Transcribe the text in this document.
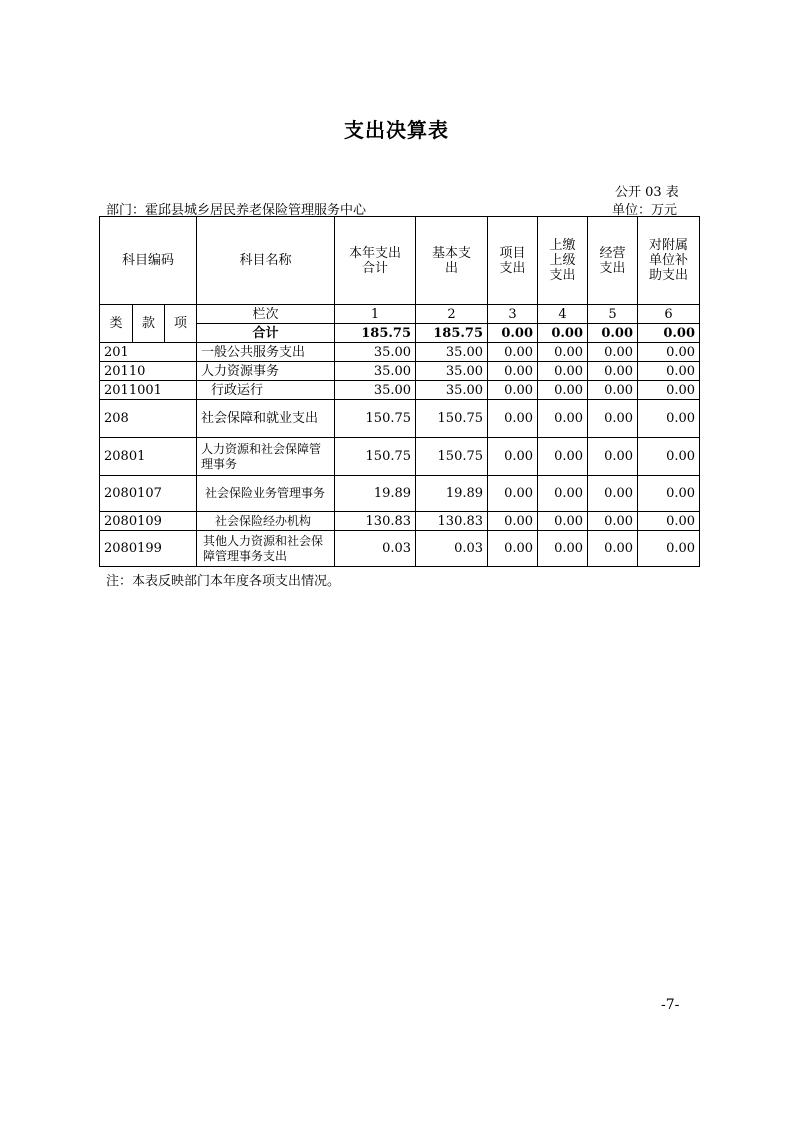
支出决算表
公开 03 表
部门：霍邱县城乡居民养老保险管理服务中心	单位：万元
科目编码			科目名称	本年支出合计	基本支出	项目支出	上缴上级支出	经营支出	对附属单位补助支出
类	款	项	栏次	1	2	3	4	5	6
			合计	185.75	185.75	0.00	0.00	0.00	0.00
201			一般公共服务支出	35.00	35.00	0.00	0.00	0.00	0.00
20110			人力资源事务	35.00	35.00	0.00	0.00	0.00	0.00
2011001			行政运行	35.00	35.00	0.00	0.00	0.00	0.00
208			社会保障和就业支出	150.75	150.75	0.00	0.00	0.00	0.00
20801			人力资源和社会保障管理事务	150.75	150.75	0.00	0.00	0.00	0.00
2080107			社会保险业务管理事务	19.89	19.89	0.00	0.00	0.00	0.00
2080109			社会保险经办机构	130.83	130.83	0.00	0.00	0.00	0.00
2080199			其他人力资源和社会保障管理事务支出	0.03	0.03	0.00	0.00	0.00	0.00
注：本表反映部门本年度各项支出情况。
-7-
